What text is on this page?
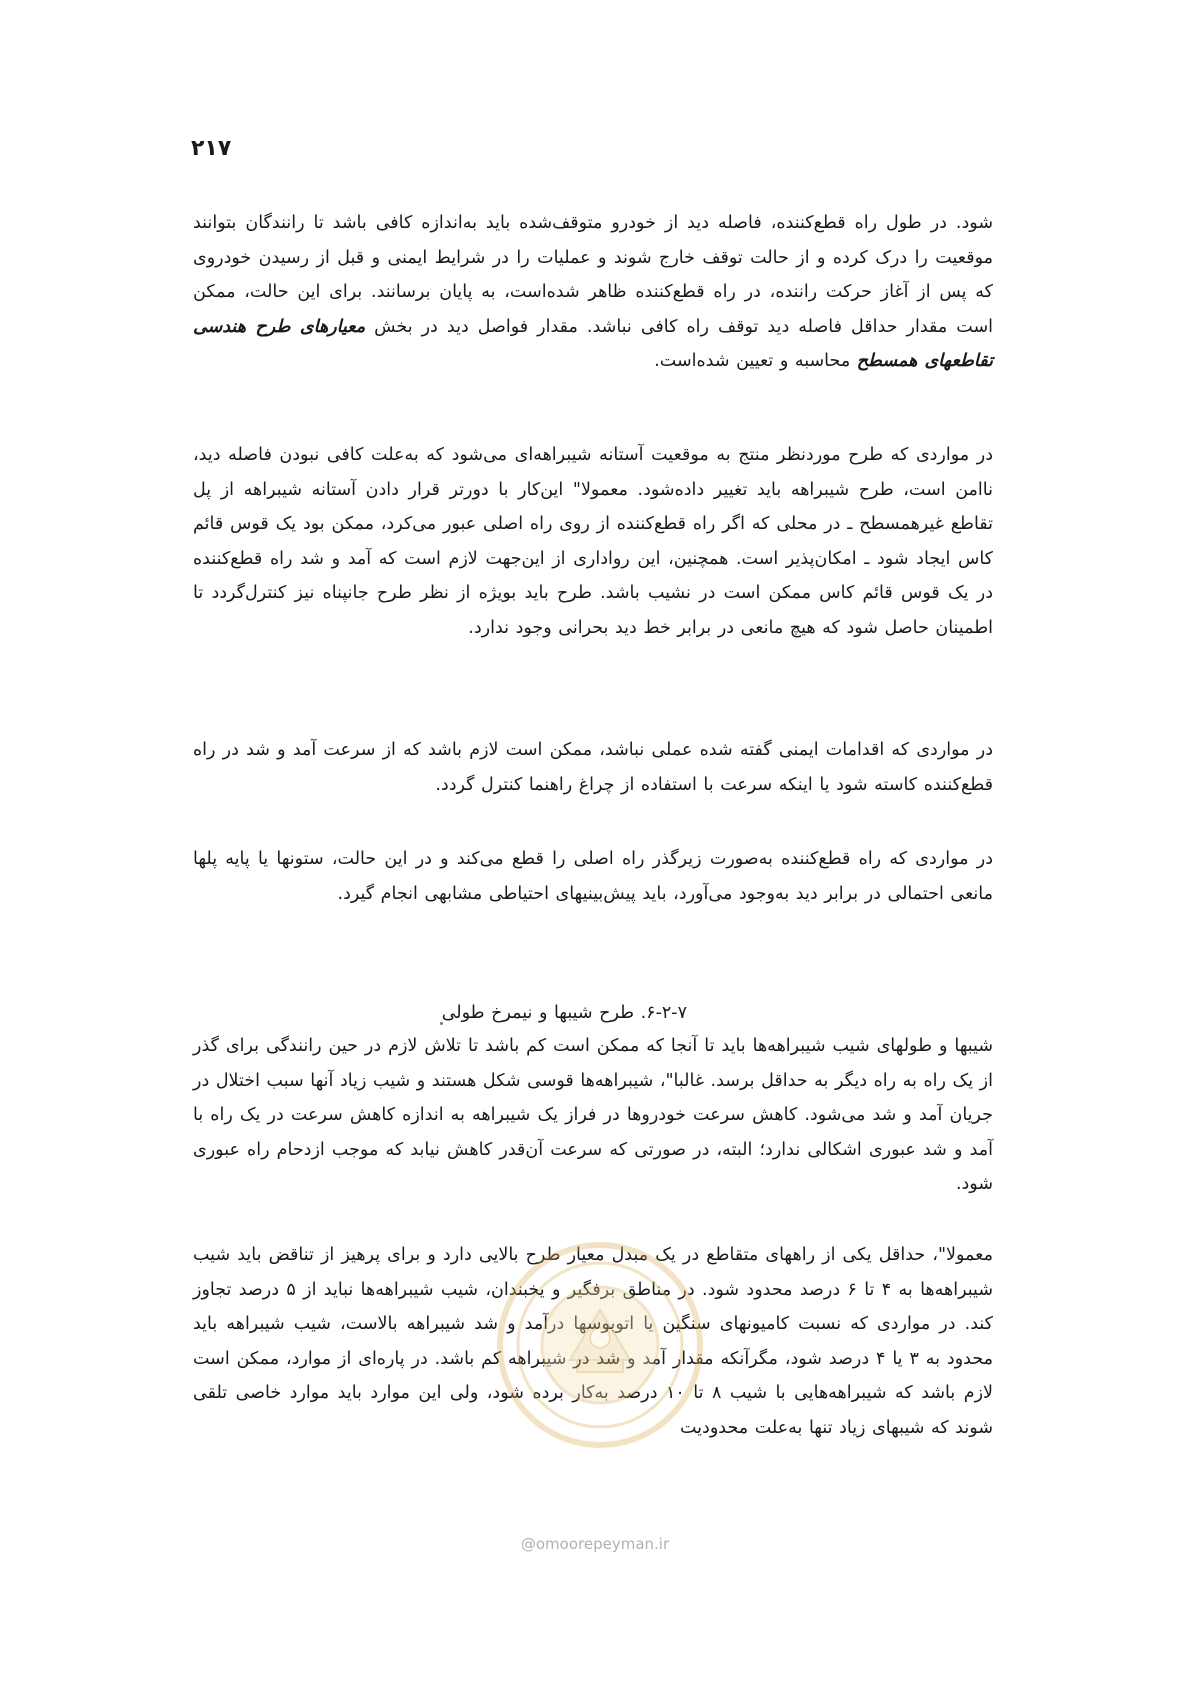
۲۱۷

شود. در طول راه قطع‌کننده، فاصله دید از خودرو متوقف‌شده باید به‌اندازه کافی باشد تا رانندگان بتوانند موقعیت را درک کرده و از حالت توقف خارج شوند و عملیات را در شرایط ایمنی و قبل از رسیدن خودروی که پس از آغاز حرکت راننده، در راه قطع‌کننده ظاهر شده‌است، به پایان برسانند. برای این حالت، ممکن است مقدار حداقل فاصله دید توقف راه کافی نباشد. مقدار فواصل دید در بخش معیارهای طرح هندسی تقاطعهای همسطح محاسبه و تعیین شده‌است.

در مواردی که طرح موردنظر منتج به موقعیت آستانه شیبراهه‌ای می‌شود که به‌علت کافی نبودن فاصله دید، ناامن است، طرح شیبراهه باید تغییر داده‌شود. معمولا" این‌کار با دورتر قرار دادن آستانه شیبراهه از پل تقاطع غیرهمسطح ـ در محلی که اگر راه قطع‌کننده از روی راه اصلی عبور می‌کرد، ممکن بود یک قوس قائم کاس ایجاد شود ـ امکان‌پذیر است. همچنین، این رواداری از این‌جهت لازم است که آمد و شد راه قطع‌کننده در یک قوس قائم کاس ممکن است در نشیب باشد. طرح باید بویژه از نظر طرح جانپناه نیز کنترل‌گردد تا اطمینان حاصل شود که هیچ مانعی در برابر خط دید بحرانی وجود ندارد.

در مواردی که اقدامات ایمنی گفته شده عملی نباشد، ممکن است لازم باشد که از سرعت آمد و شد در راه قطع‌کننده کاسته شود یا اینکه سرعت با استفاده از چراغ راهنما کنترل گردد.

در مواردی که راه قطع‌کننده به‌صورت زیرگذر راه اصلی را قطع می‌کند و در این حالت، ستونها یا پایه پلها مانعی احتمالی در برابر دید به‌وجود می‌آورد، باید پیش‌بینیهای احتیاطی مشابهی انجام گیرد.

۶-۲-۷. طرح شیبها و نیمرخ طولی

شیبها و طولهای شیب شیبراهه‌ها باید تا آنجا که ممکن است کم باشد تا تلاش لازم در حین رانندگی برای گذر از یک راه به راه دیگر به حداقل برسد. غالبا"، شیبراهه‌ها قوسی شکل هستند و شیب زیاد آنها سبب اختلال در جریان آمد و شد می‌شود. کاهش سرعت خودروها در فراز یک شیبراهه به اندازه کاهش سرعت در یک راه با آمد و شد عبوری اشکالی ندارد؛ البته، در صورتی که سرعت آن‌قدر کاهش نیابد که موجب ازدحام راه عبوری شود.

معمولا"، حداقل یکی از راههای متقاطع در یک مبدل معیار طرح بالایی دارد و برای پرهیز از تناقض باید شیب شیبراهه‌ها به ۴ تا ۶ درصد محدود شود. در مناطق برفگیر و یخبندان، شیب شیبراهه‌ها نباید از ۵ درصد تجاوز کند. در مواردی که نسبت کامیونهای سنگین یا اتوبوسها درآمد و شد شیبراهه بالاست، شیب شیبراهه باید محدود به ۳ یا ۴ درصد شود، مگرآنکه مقدار آمد و شد در شیبراهه کم باشد. در پاره‌ای از موارد، ممکن است لازم باشد که شیبراهه‌هایی با شیب ۸ تا ۱۰ درصد به‌کار برده شود، ولی این موارد باید موارد خاصی تلقی شوند که شیبهای زیاد تنها به‌علت محدودیت

@omoorepeyman.ir
